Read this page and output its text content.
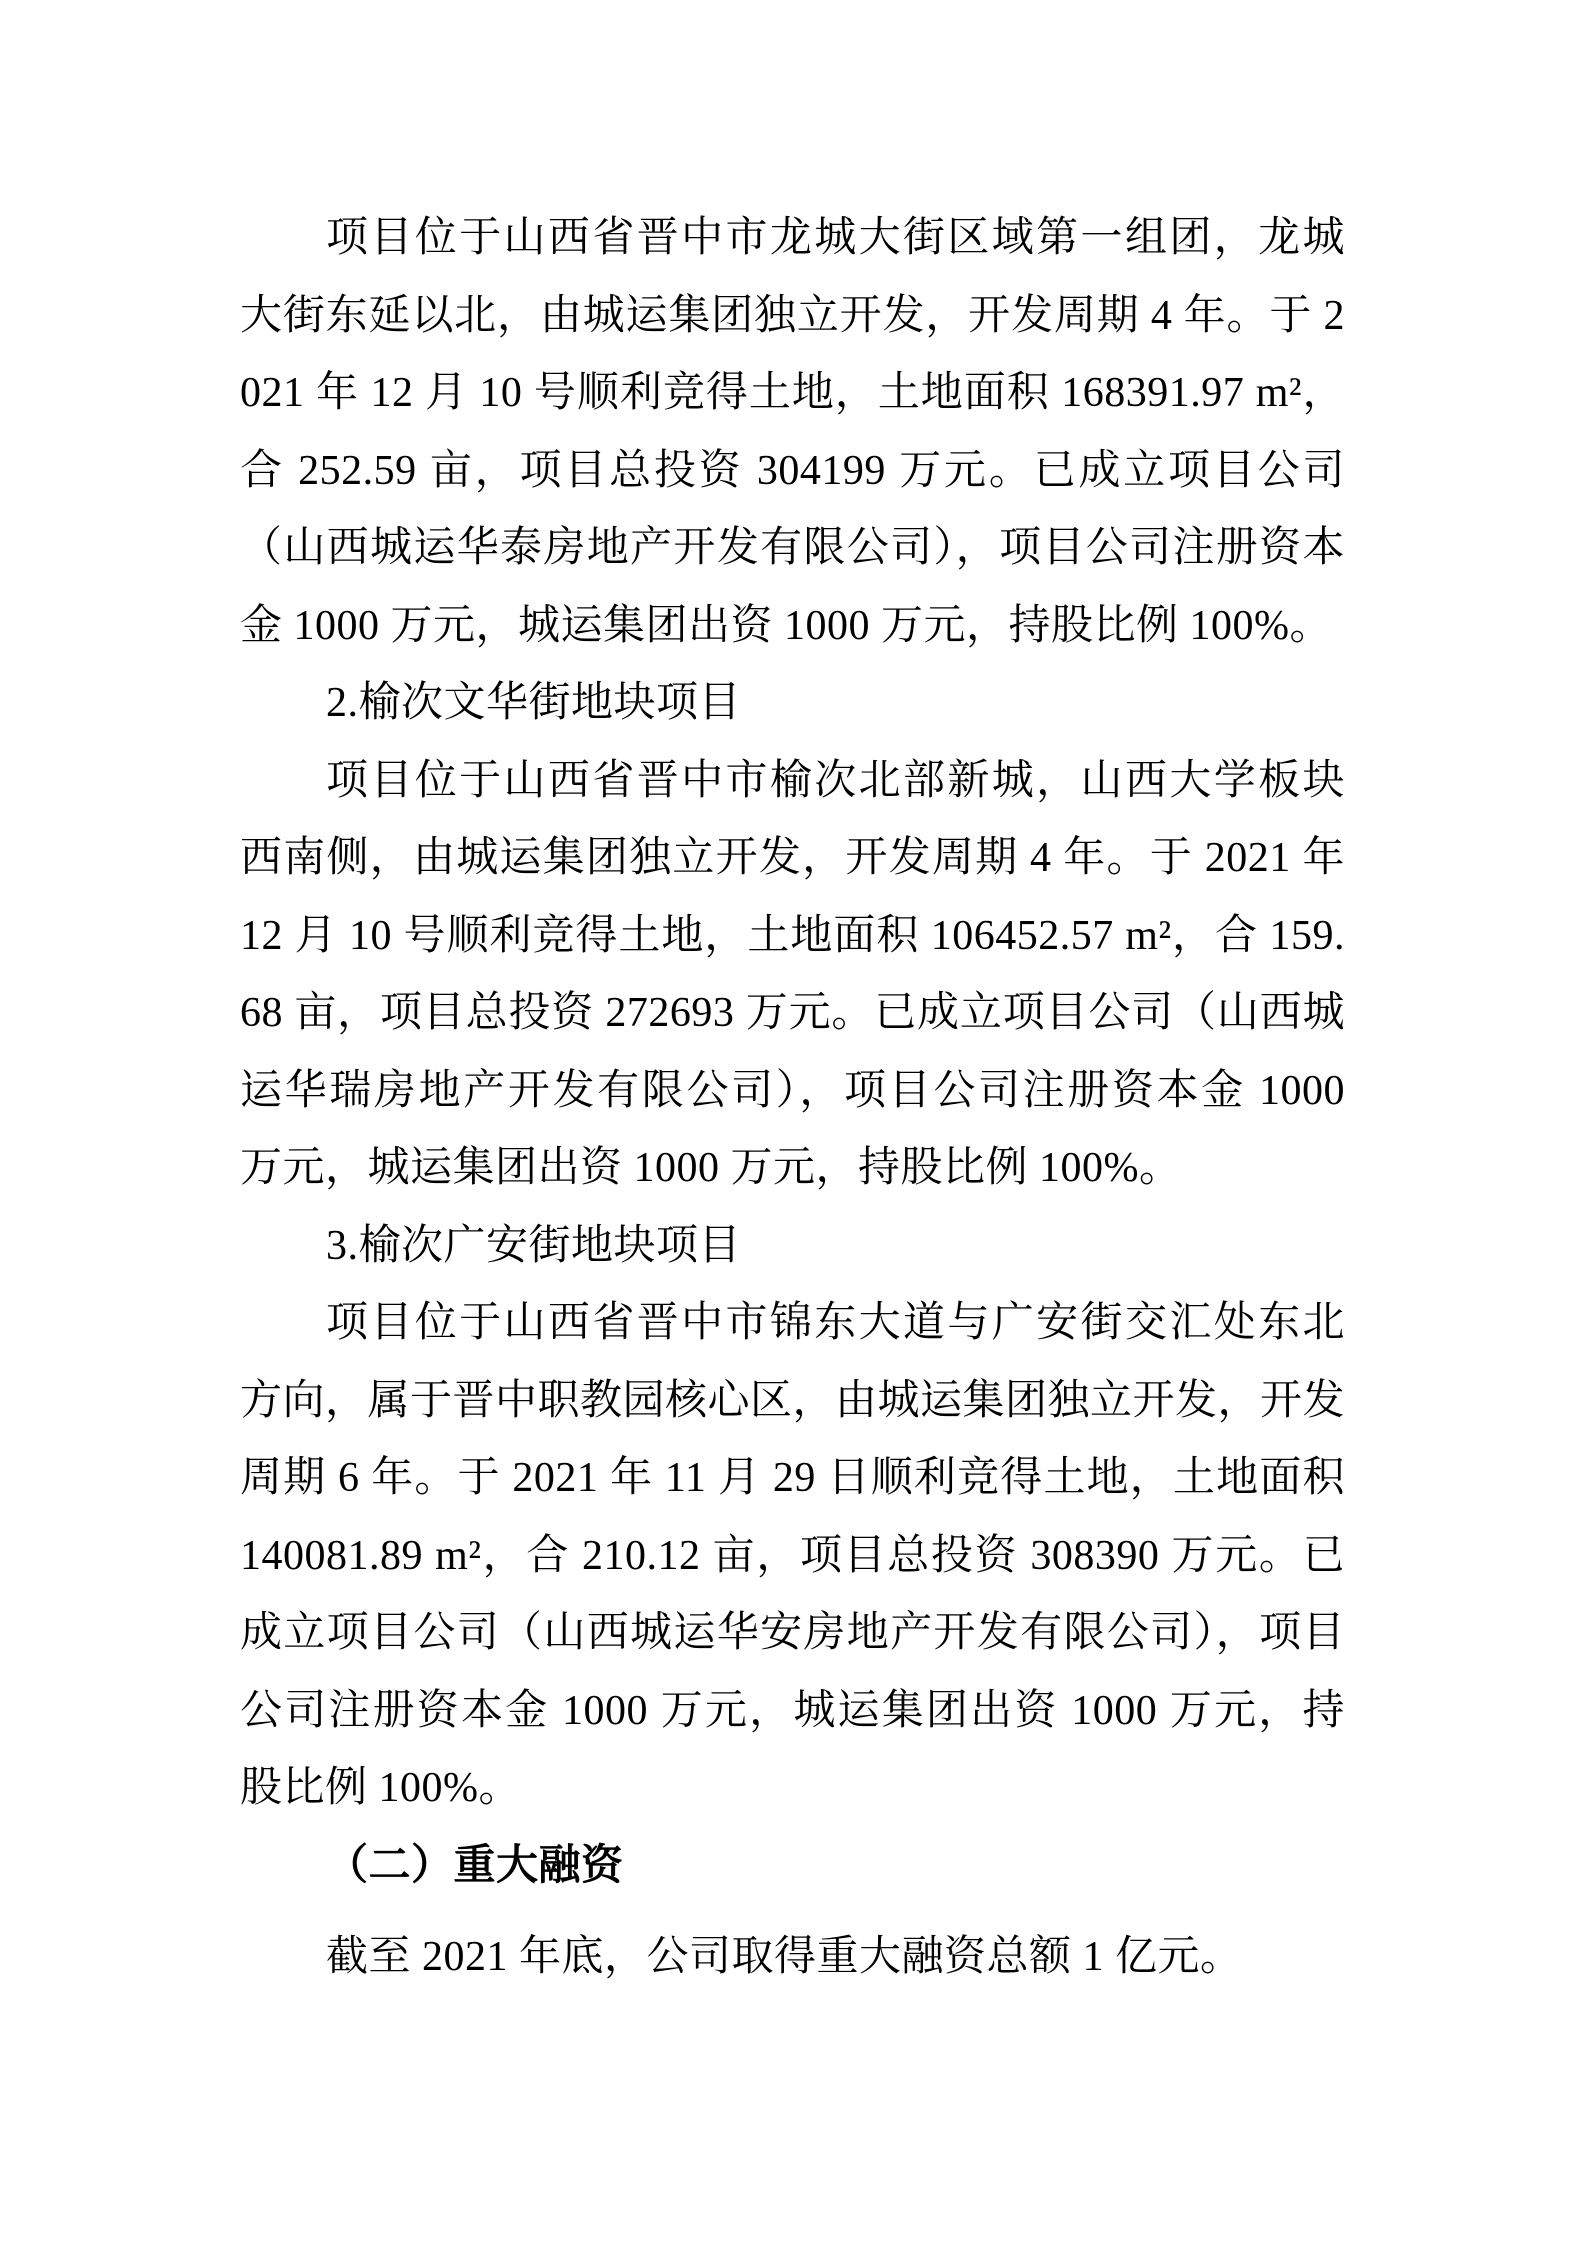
项目位于山西省晋中市龙城大街区域第一组团，龙城大街东延以北，由城运集团独立开发，开发周期 4 年。于 2021 年 12 月 10 号顺利竞得土地，土地面积 168391.97 m²， 合 252.59 亩，项目总投资 304199 万元。已成立项目公司（山西城运华泰房地产开发有限公司），项目公司注册资本金 1000 万元，城运集团出资 1000 万元，持股比例 100%。

2.榆次文华街地块项目

项目位于山西省晋中市榆次北部新城，山西大学板块西南侧，由城运集团独立开发，开发周期 4 年。于 2021 年 12 月 10 号顺利竞得土地，土地面积 106452.57 m²，合 159.68 亩，项目总投资 272693 万元。已成立项目公司（山西城运华瑞房地产开发有限公司），项目公司注册资本金 1000 万元，城运集团出资 1000 万元，持股比例 100%。

3.榆次广安街地块项目

项目位于山西省晋中市锦东大道与广安街交汇处东北方向，属于晋中职教园核心区，由城运集团独立开发，开发周期 6 年。于 2021 年 11 月 29 日顺利竞得土地，土地面积 140081.89 m²，合 210.12 亩，项目总投资 308390 万元。已成立项目公司（山西城运华安房地产开发有限公司），项目公司注册资本金 1000 万元，城运集团出资 1000 万元，持股比例 100%。

（二）重大融资

截至 2021 年底，公司取得重大融资总额 1 亿元。
